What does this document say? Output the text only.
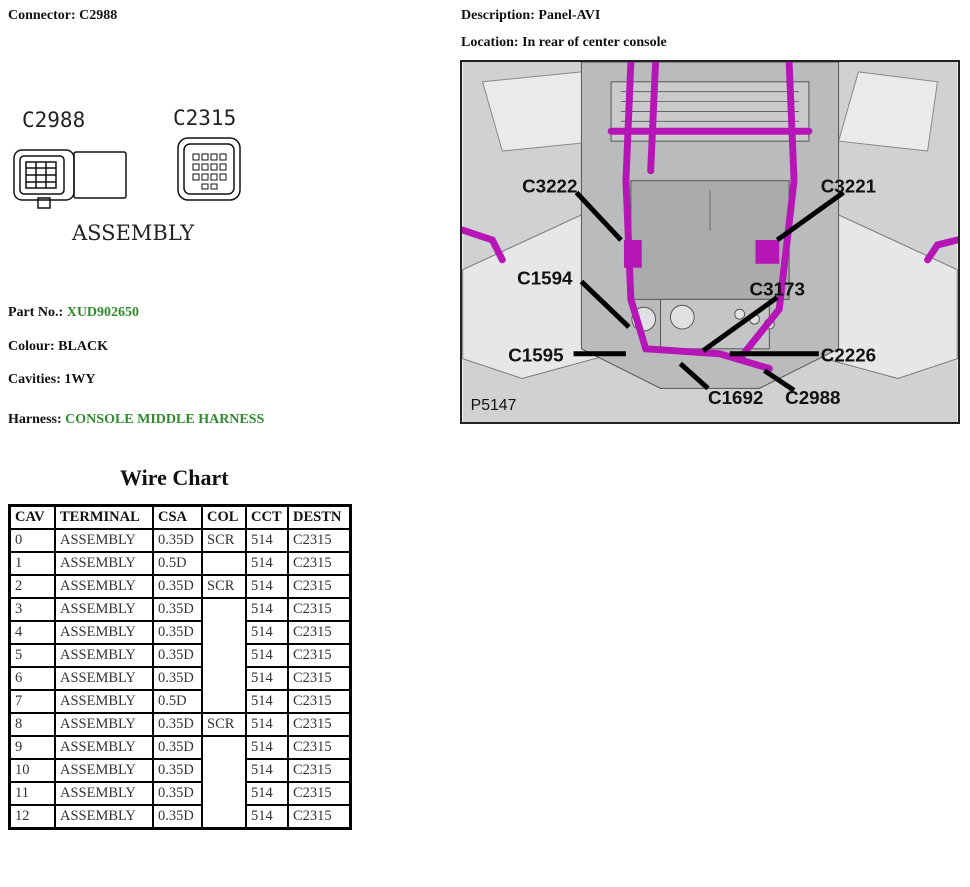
Connector: C2988	Description: Panel-AVI
Location: In rear of center console
C2988	C2315
ASSEMBLY
Part No.: XUD902650
Colour: BLACK
Cavities: 1WY
Harness: CONSOLE MIDDLE HARNESS
C3222	C3221
C1594
C3173
C1595	C2226
C1692 C2988
P5147
Wire Chart
CAV	TERMINAL	CSA	COL	CCT	DESTN
0	ASSEMBLY	0.35D	SCR	514	C2315
1	ASSEMBLY	0.5D		514	C2315
2	ASSEMBLY	0.35D	SCR	514	C2315
3	ASSEMBLY	0.35D		514	C2315
4	ASSEMBLY	0.35D		514	C2315
5	ASSEMBLY	0.35D		514	C2315
6	ASSEMBLY	0.35D		514	C2315
7	ASSEMBLY	0.5D		514	C2315
8	ASSEMBLY	0.35D	SCR	514	C2315
9	ASSEMBLY	0.35D		514	C2315
10	ASSEMBLY	0.35D		514	C2315
11	ASSEMBLY	0.35D		514	C2315
12	ASSEMBLY	0.35D		514	C2315
